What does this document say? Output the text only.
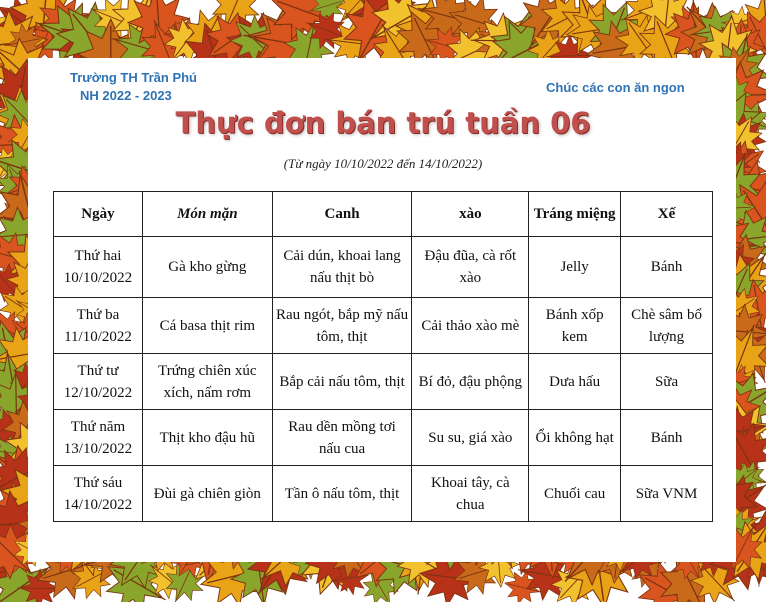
Trường TH Trần Phú
NH 2022 - 2023
Chúc các con ăn ngon
Thực đơn bán trú tuần 06
(Từ ngày 10/10/2022 đến 14/10/2022)
Ngày	Món mặn	Canh	xào	Tráng miệng	Xế

Thứ hai
10/10/2022	Gà kho gừng	Cải dún, khoai lang nấu thịt bò	Đậu đũa, cà rốt xào	Jelly	Bánh

Thứ ba
11/10/2022	Cá basa thịt rim	Rau ngót, bắp mỹ nấu tôm, thịt	Cải thảo xào mè	Bánh xốp kem	Chè sâm bổ lượng

Thứ tư
12/10/2022	Trứng chiên xúc xích, nấm rơm	Bắp cải nấu tôm, thịt	Bí đỏ, đậu phộng	Dưa hấu	Sữa

Thứ năm
13/10/2022	Thịt kho đậu hũ	Rau dền mồng tơi nấu cua	Su su, giá xào	Ổi không hạt	Bánh

Thứ sáu
14/10/2022	Đùi gà chiên giòn	Tần ô nấu tôm, thịt	Khoai tây, cà chua	Chuối cau	Sữa VNM
